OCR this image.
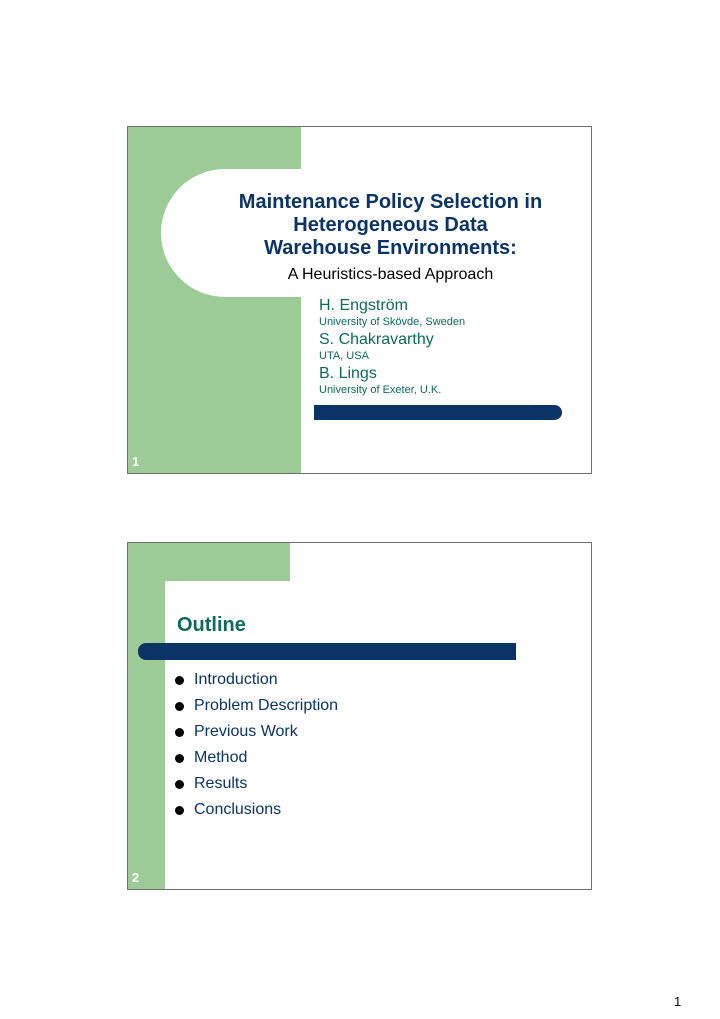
Maintenance Policy Selection in
Heterogeneous Data
Warehouse Environments:
A Heuristics-based Approach
H. Engström
University of Skövde, Sweden
S. Chakravarthy
UTA, USA
B. Lings
University of Exeter, U.K.
1
Outline
Introduction
Problem Description
Previous Work
Method
Results
Conclusions
2
1
